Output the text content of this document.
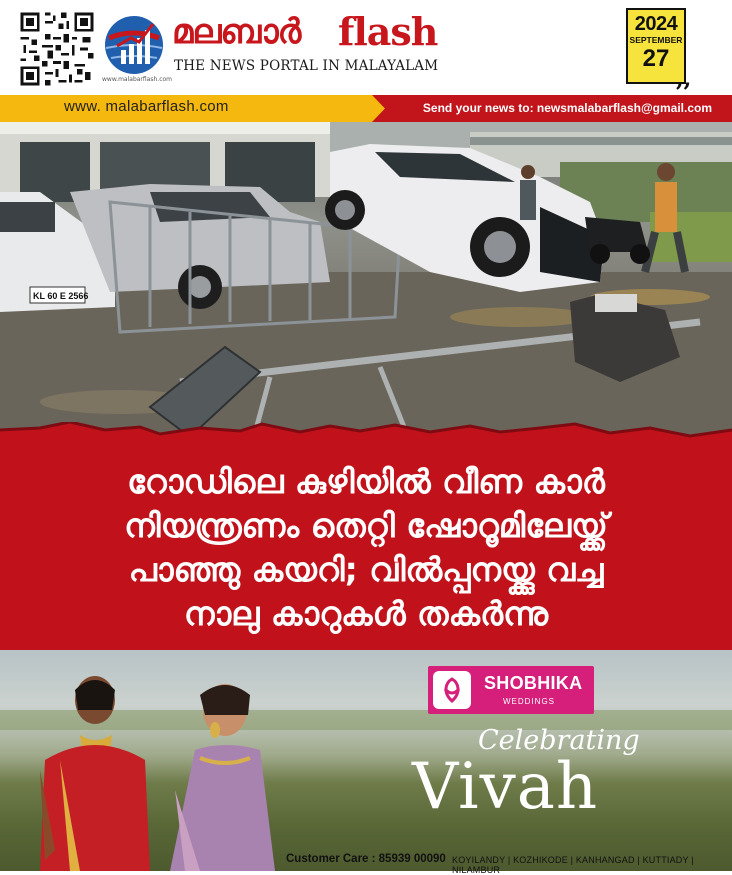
www.malabarflash.com
മലബാർ flash
THE NEWS PORTAL IN MALAYALAM
2024
SEPTEMBER
27
,,
www. malabarflash.com	Send your news to: newsmalabarflash@gmail.com
KL 60 E 2566
റോഡിലെ കുഴിയിൽ വീണ കാർ
നിയന്ത്രണം തെറ്റി ഷോറൂമിലേയ്ക്ക്
പാഞ്ഞു കയറി; വിൽപ്പനയ്ക്കു വച്ച
നാലു കാറുകൾ തകർന്നു
SHOBHIKA
WEDDINGS
Celebrating
Vivah
Customer Care : 85939 00090 KOYILANDY | KOZHIKODE | KANHANGAD | KUTTIADY | NILAMBUR
